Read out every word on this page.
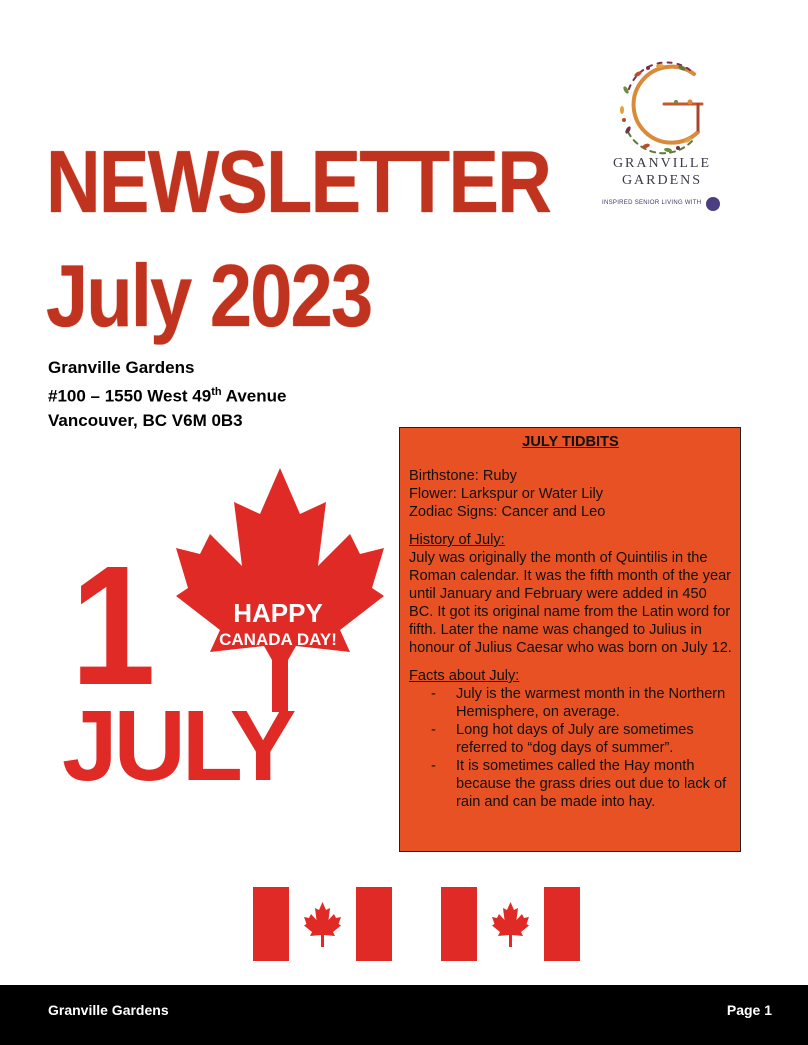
NEWSLETTER
July 2023
GRANVILLE
GARDENS
INSPIRED SENIOR LIVING WITH
Granville Gardens
#100 – 1550 West 49th Avenue
Vancouver, BC V6M 0B3
1	HAPPY
CANADA DAY!
JULY
JULY TIDBITS

Birthstone: Ruby

Flower: Larkspur or Water Lily

Zodiac Signs: Cancer and Leo

History of July:

July was originally the month of Quintilis in the Roman calendar. It was the fifth month of the year until January and February were added in 450 BC. It got its original name from the Latin word for fifth. Later the name was changed to Julius in honour of Julius Caesar who was born on July 12.

Facts about July:

- July is the warmest month in the Northern Hemisphere, on average.
- Long hot days of July are sometimes referred to “dog days of summer”.
- It is sometimes called the Hay month because the grass dries out due to lack of rain and can be made into hay.
Granville Gardens	Page 1
